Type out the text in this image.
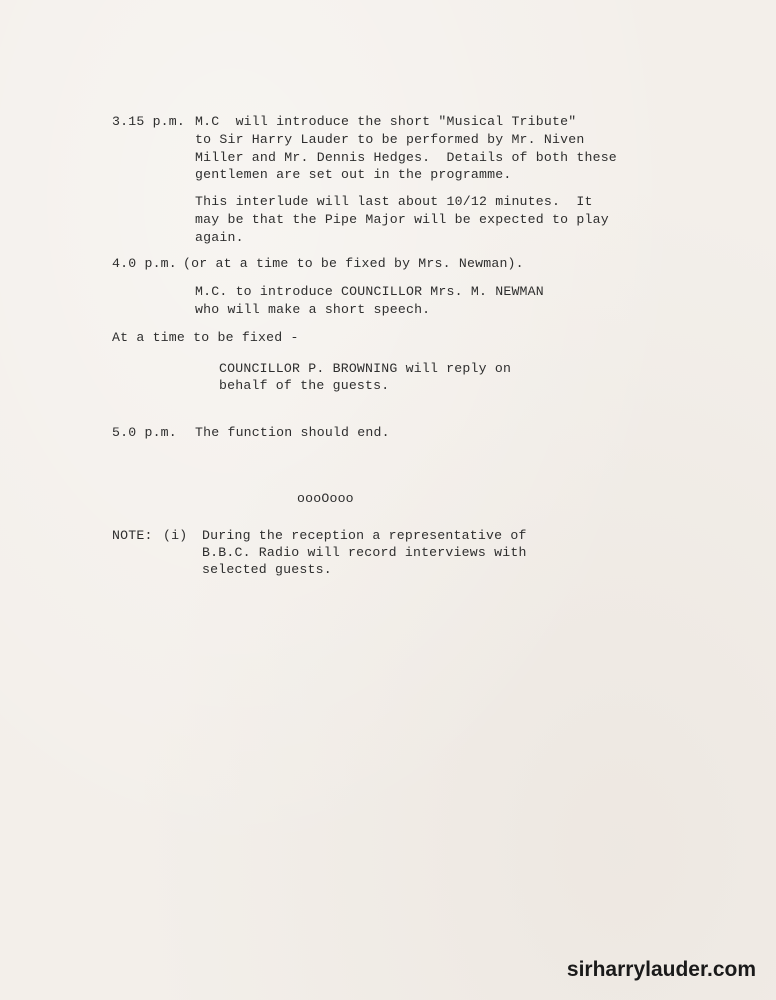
3.15 p.m. M.C  will introduce the short "Musical Tribute"
to Sir Harry Lauder to be performed by Mr. Niven
Miller and Mr. Dennis Hedges.  Details of both these
gentlemen are set out in the programme.
This interlude will last about 10/12 minutes.  It
may be that the Pipe Major will be expected to play
again.
4.0 p.m. (or at a time to be fixed by Mrs. Newman).
M.C. to introduce COUNCILLOR Mrs. M. NEWMAN
who will make a short speech.
At a time to be fixed -
COUNCILLOR P. BROWNING will reply on
behalf of the guests.
5.0 p.m. The function should end.
oooOooo
NOTE: (i) During the reception a representative of
B.B.C. Radio will record interviews with
selected guests.
sirharrylauder.com
